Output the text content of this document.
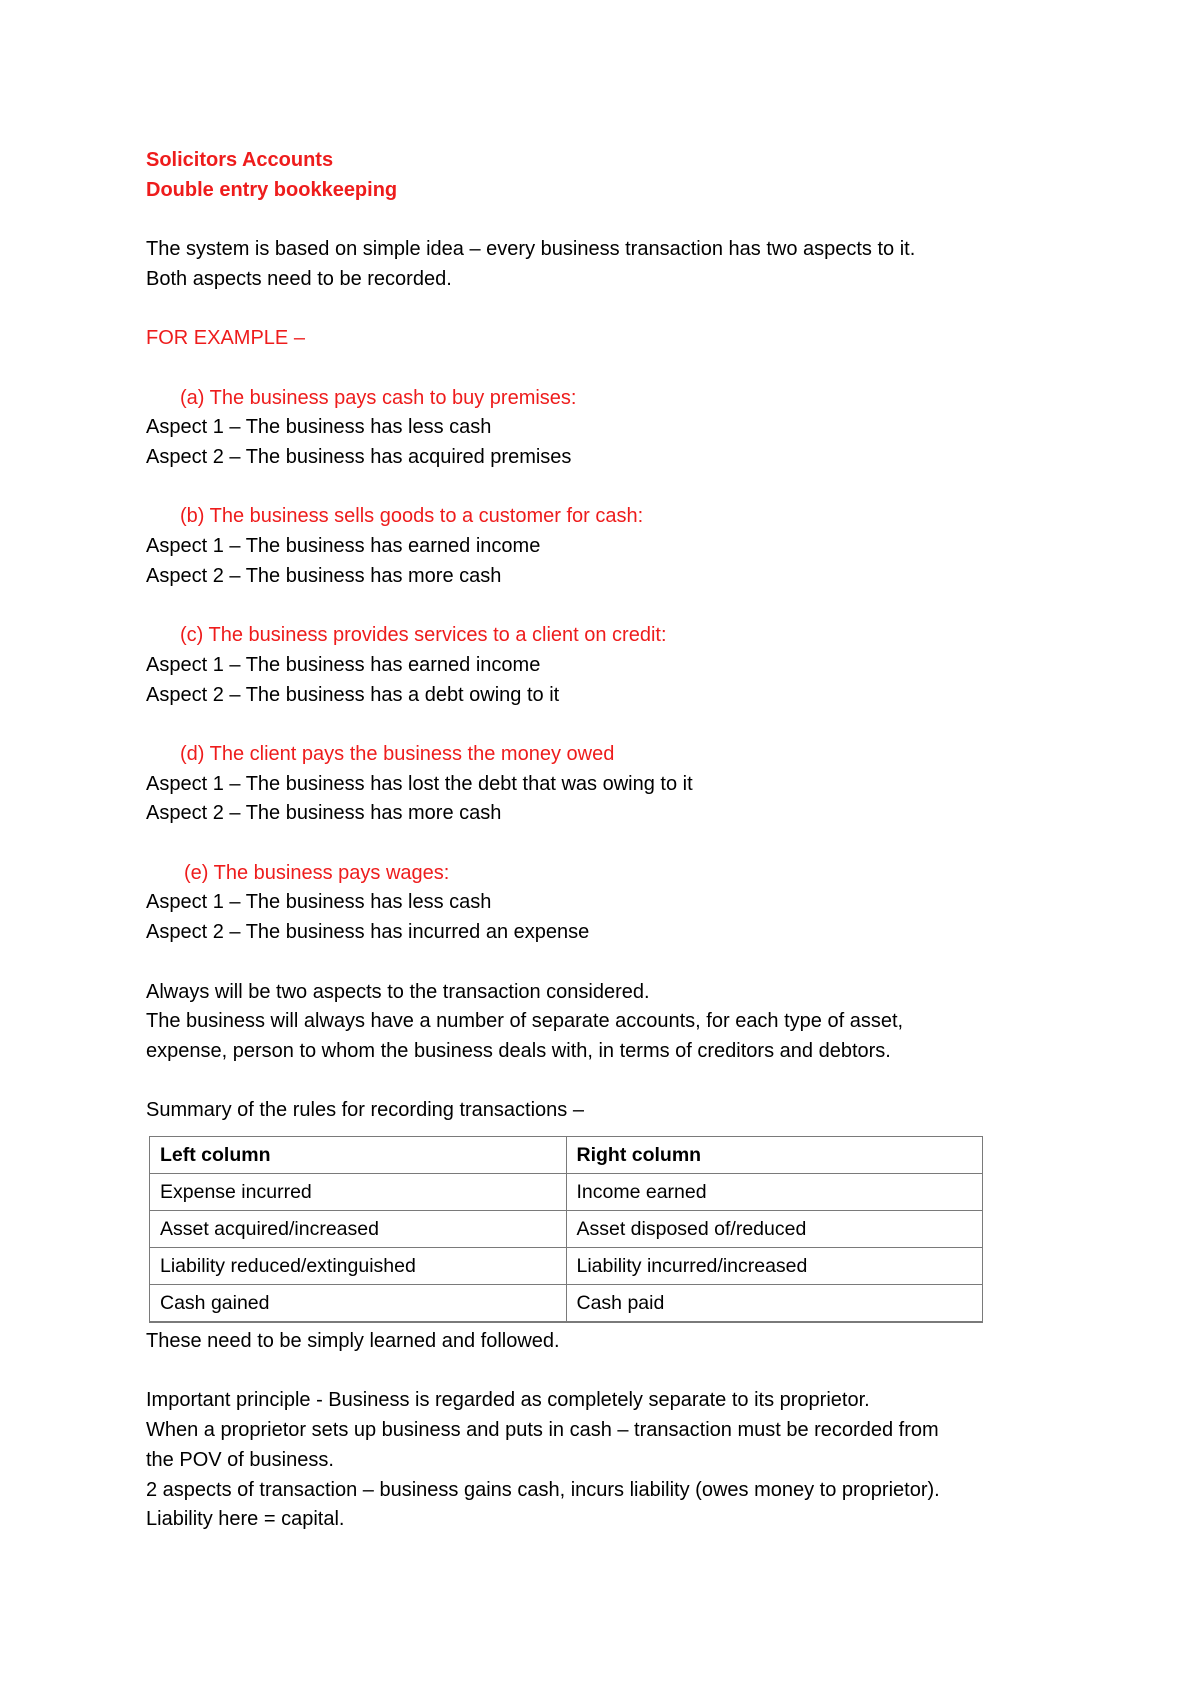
Solicitors Accounts

Double entry bookkeeping

The system is based on simple idea – every business transaction has two aspects to it.

Both aspects need to be recorded.

FOR EXAMPLE –

(a) The business pays cash to buy premises:

Aspect 1 – The business has less cash

Aspect 2 – The business has acquired premises

(b) The business sells goods to a customer for cash:

Aspect 1 – The business has earned income

Aspect 2 – The business has more cash

(c) The business provides services to a client on credit:

Aspect 1 – The business has earned income

Aspect 2 – The business has a debt owing to it

(d) The client pays the business the money owed

Aspect 1 – The business has lost the debt that was owing to it

Aspect 2 – The business has more cash

(e) The business pays wages:

Aspect 1 – The business has less cash

Aspect 2 – The business has incurred an expense

Always will be two aspects to the transaction considered.

The business will always have a number of separate accounts, for each type of asset,

expense, person to whom the business deals with, in terms of creditors and debtors.

Summary of the rules for recording transactions –

Left column	Right column
Expense incurred	Income earned
Asset acquired/increased	Asset disposed of/reduced
Liability reduced/extinguished	Liability incurred/increased
Cash gained	Cash paid

These need to be simply learned and followed.

Important principle - Business is regarded as completely separate to its proprietor.

When a proprietor sets up business and puts in cash – transaction must be recorded from

the POV of business.

2 aspects of transaction – business gains cash, incurs liability (owes money to proprietor).

Liability here = capital.
